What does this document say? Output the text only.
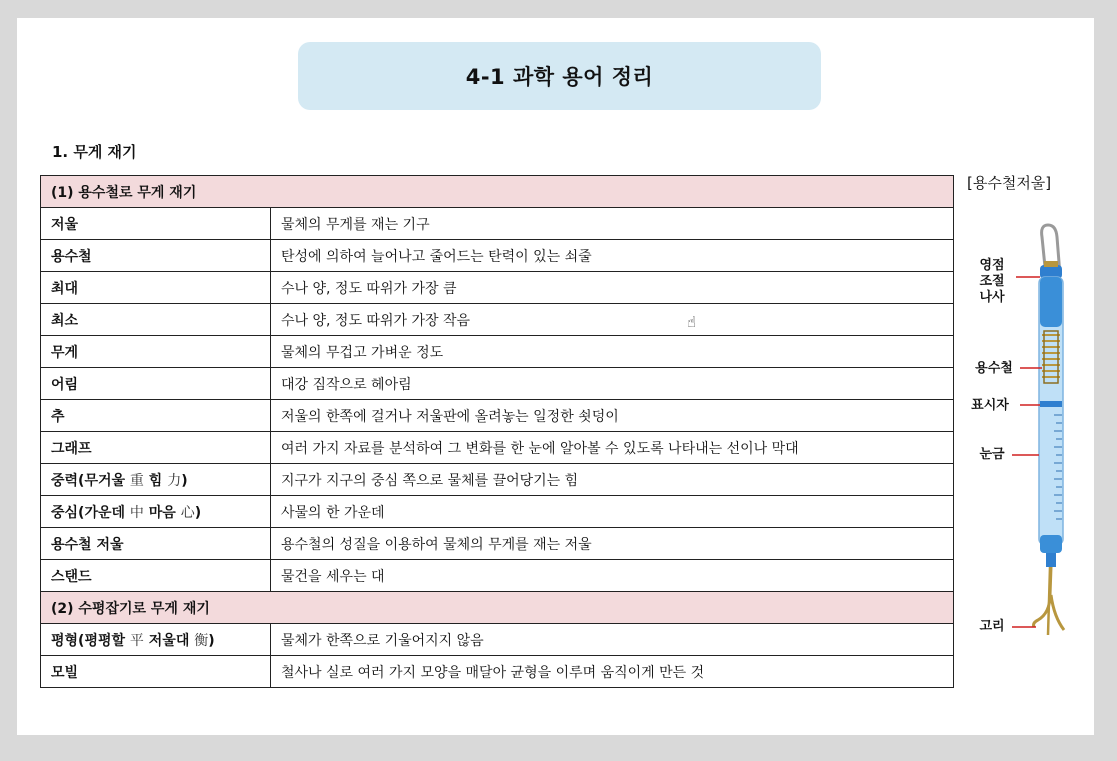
4-1 과학 용어 정리
1. 무게 재기
(1) 용수철로 무게 재기	
저울	물체의 무게를 재는 기구
용수철	탄성에 의하여 늘어나고 줄어드는 탄력이 있는 쇠줄
최대	수나 양, 정도 따위가 가장 큼
최소	수나 양, 정도 따위가 가장 작음
무게	물체의 무겁고 가벼운 정도
어림	대강 짐작으로 헤아림
추	저울의 한쪽에 걸거나 저울판에 올려놓는 일정한 쇳덩이
그래프	여러 가지 자료를 분석하여 그 변화를 한 눈에 알아볼 수 있도록 나타내는 선이나 막대
중력(무거울 重 힘 力)	지구가 지구의 중심 쪽으로 물체를 끌어당기는 힘
중심(가운데 中 마음 心)	사물의 한 가운데
용수철 저울	용수철의 성질을 이용하여 물체의 무게를 재는 저울
스탠드	물건을 세우는 대
(2) 수평잡기로 무게 재기	
평형(평평할 平 저울대 衡)	물체가 한쪽으로 기울어지지 않음
모빌	철사나 실로 여러 가지 모양을 매달아 균형을 이루며 움직이게 만든 것
☝
[용수철저울]
영점
조절
나사
용수철
표시자
눈금
고리
